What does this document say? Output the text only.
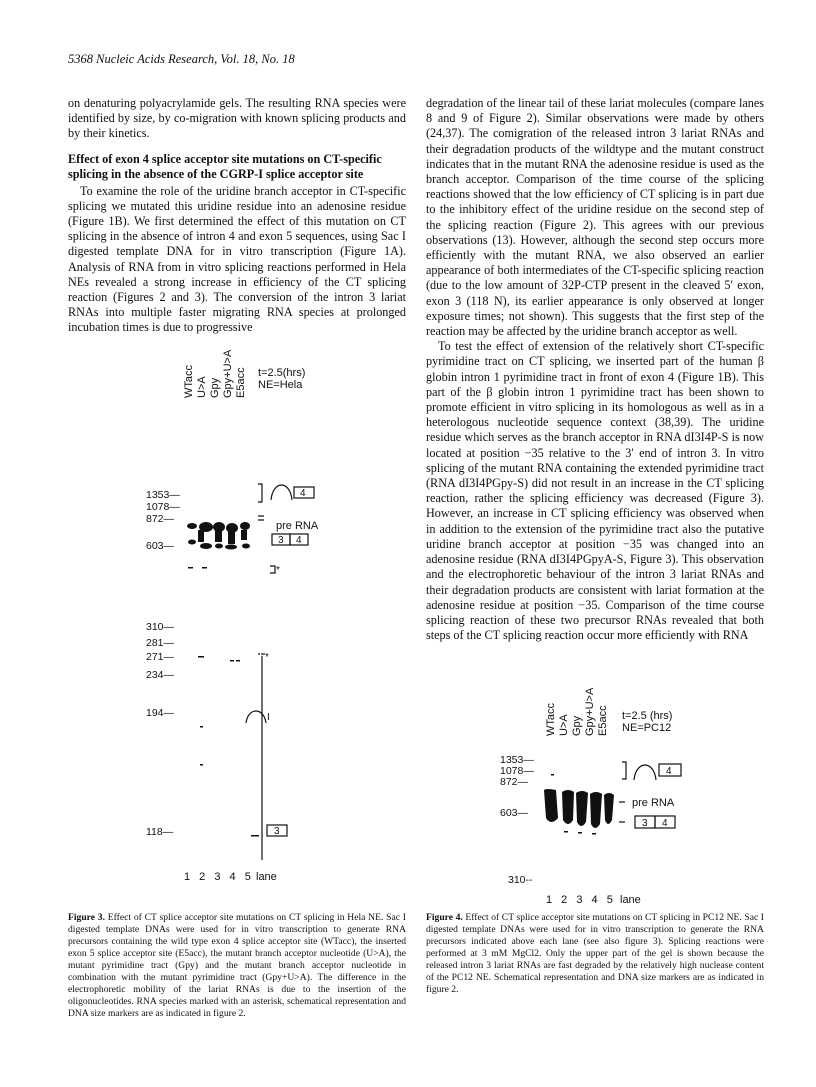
5368 Nucleic Acids Research, Vol. 18, No. 18

on denaturing polyacrylamide gels. The resulting RNA species were identified by size, by co-migration with known splicing products and by their kinetics.

Effect of exon 4 splice acceptor site mutations on CT-specific splicing in the absence of the CGRP-I splice acceptor site

To examine the role of the uridine branch acceptor in CT-specific splicing we mutated this uridine residue into an adenosine residue (Figure 1B). We first determined the effect of this mutation on CT splicing in the absence of intron 4 and exon 5 sequences, using Sac I digested template DNA for in vitro transcription (Figure 1A). Analysis of RNA from in vitro splicing reactions performed in Hela NEs revealed a strong increase in efficiency of the CT splicing reaction (Figures 2 and 3). The conversion of the intron 3 lariat RNAs into multiple faster migrating RNA species at prolonged incubation times is due to progressive

degradation of the linear tail of these lariat molecules (compare lanes 8 and 9 of Figure 2). Similar observations were made by others (24,37). The comigration of the released intron 3 lariat RNAs and their degradation products of the wildtype and the mutant construct indicates that in the mutant RNA the adenosine residue is used as the branch acceptor. Comparison of the time course of the splicing reactions showed that the low efficiency of CT splicing is in part due to the inhibitory effect of the uridine residue on the second step of the splicing reaction (Figure 2). This agrees with our previous observations (13). However, although the second step occurs more efficiently with the mutant RNA, we also observed an earlier appearance of both intermediates of the CT-specific splicing reaction (due to the low amount of 32P-CTP present in the cleaved 5′ exon, exon 3 (118 N), its earlier appearance is only observed at longer exposure times; not shown). This suggests that the first step of the reaction may be affected by the uridine branch acceptor as well.

To test the effect of extension of the relatively short CT-specific pyrimidine tract on CT splicing, we inserted part of the human β globin intron 1 pyrimidine tract in front of exon 4 (Figure 1B). This part of the β globin intron 1 pyrimidine tract has been shown to promote efficient in vitro splicing in its homologous as well as in a heterologous nucleotide sequence context (38,39). The uridine residue which serves as the branch acceptor in RNA dI3I4P-S is now located at position −35 relative to the 3′ end of intron 3. In vitro splicing of the mutant RNA containing the extended pyrimidine tract (RNA dI3I4PGpy-S) did not result in an increase in the CT splicing reaction, rather the splicing efficiency was decreased (Figure 3). However, an increase in CT splicing efficiency was observed when in addition to the extension of the pyrimidine tract also the putative uridine branch acceptor at position −35 was changed into an adenosine residue (RNA dI3I4PGpyA-S, Figure 3). This observation and the electrophoretic behaviour of the intron 3 lariat RNAs and their degradation products are consistent with lariat formation at the adenosine residue at position −35. Comparison of the time course splicing reaction of these two precursor RNAs revealed that both steps of the CT splicing reaction occur more efficiently with RNA

WTacc U>A Gpy Gpy+U>A E5acc t=2.5(hrs)
NE=Hela
1353—
1078—
872—
603—
310—
281—
271—
234—
194—
118—
4
pre RNA
3 4
*
*
I
3
1 2 3 4 5 lane
WTacc U>A Gpy Gpy+U>A E5acc t=2.5 (hrs)
NE=PC12
1353—
1078—
872—
603—
310--
4
pre RNA
3 4
1 2 3 4 5 lane
Figure 3. Effect of CT splice acceptor site mutations on CT splicing in Hela NE. Sac I digested template DNAs were used for in vitro transcription to generate RNA precursors containing the wild type exon 4 splice acceptor site (WTacc), the inserted exon 5 splice acceptor site (E5acc), the mutant branch acceptor nucleotide (U>A), the mutant pyrimidine tract (Gpy) and the mutant branch acceptor nucleotide in combination with the mutant pyrimidine tract (Gpy+U>A). The difference in the electrophoretic mobility of the lariat RNAs is due to the insertion of the oligonucleotides. RNA species marked with an asterisk, schematical representation and DNA size markers are as indicated in figure 2.
Figure 4. Effect of CT splice acceptor site mutations on CT splicing in PC12 NE. Sac I digested template DNAs were used for in vitro transcription to generate the RNA precursors indicated above each lane (see also figure 3). Splicing reactions were performed at 3 mM MgCl2. Only the upper part of the gel is shown because the released intron 3 lariat RNAs are fast degraded by the relatively high nuclease content of the PC12 NE. Schematical representation and DNA size markers are as indicated in figure 2.
